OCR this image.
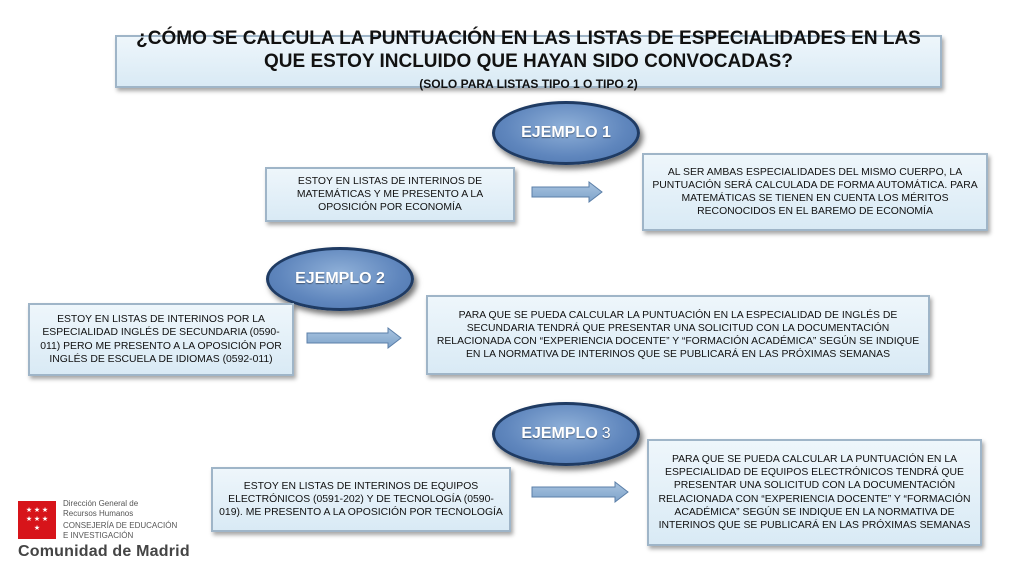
¿CÓMO SE CALCULA LA PUNTUACIÓN EN LAS LISTAS DE ESPECIALIDADES EN LAS QUE ESTOY INCLUIDO QUE HAYAN SIDO CONVOCADAS?
(SOLO PARA LISTAS TIPO 1 O TIPO 2)
EJEMPLO 1
ESTOY EN LISTAS DE INTERINOS DE MATEMÁTICAS Y ME PRESENTO A LA OPOSICIÓN POR ECONOMÍA
AL SER AMBAS ESPECIALIDADES DEL MISMO CUERPO, LA PUNTUACIÓN SERÁ CALCULADA DE FORMA AUTOMÁTICA. PARA MATEMÁTICAS SE TIENEN EN CUENTA LOS MÉRITOS RECONOCIDOS EN EL BAREMO DE ECONOMÍA
EJEMPLO 2
ESTOY EN LISTAS DE INTERINOS POR LA ESPECIALIDAD INGLÉS DE SECUNDARIA (0590-011) PERO ME PRESENTO A LA OPOSICIÓN POR INGLÉS DE ESCUELA DE IDIOMAS (0592-011)
PARA QUE SE PUEDA CALCULAR LA PUNTUACIÓN EN LA ESPECIALIDAD DE INGLÉS DE SECUNDARIA TENDRÁ QUE PRESENTAR UNA SOLICITUD CON LA DOCUMENTACIÓN RELACIONADA CON “EXPERIENCIA DOCENTE” Y “FORMACIÓN ACADÉMICA” SEGÚN SE INDIQUE EN LA NORMATIVA DE INTERINOS QUE SE PUBLICARÁ EN LAS PRÓXIMAS SEMANAS
EJEMPLO 3
ESTOY EN LISTAS DE INTERINOS DE EQUIPOS ELECTRÓNICOS (0591-202) Y DE TECNOLOGÍA (0590-019). ME PRESENTO A LA OPOSICIÓN POR TECNOLOGÍA
PARA QUE SE PUEDA CALCULAR LA PUNTUACIÓN EN LA ESPECIALIDAD DE EQUIPOS ELECTRÓNICOS TENDRÁ QUE PRESENTAR UNA SOLICITUD CON LA DOCUMENTACIÓN RELACIONADA CON “EXPERIENCIA DOCENTE” Y “FORMACIÓN ACADÉMICA” SEGÚN SE INDIQUE EN LA NORMATIVA DE INTERINOS QUE SE PUBLICARÁ EN LAS PRÓXIMAS SEMANAS
★ ★ ★
★ ★ ★
★
Dirección General de
Recursos Humanos
CONSEJERÍA DE EDUCACIÓN
E INVESTIGACIÓN
Comunidad de Madrid
